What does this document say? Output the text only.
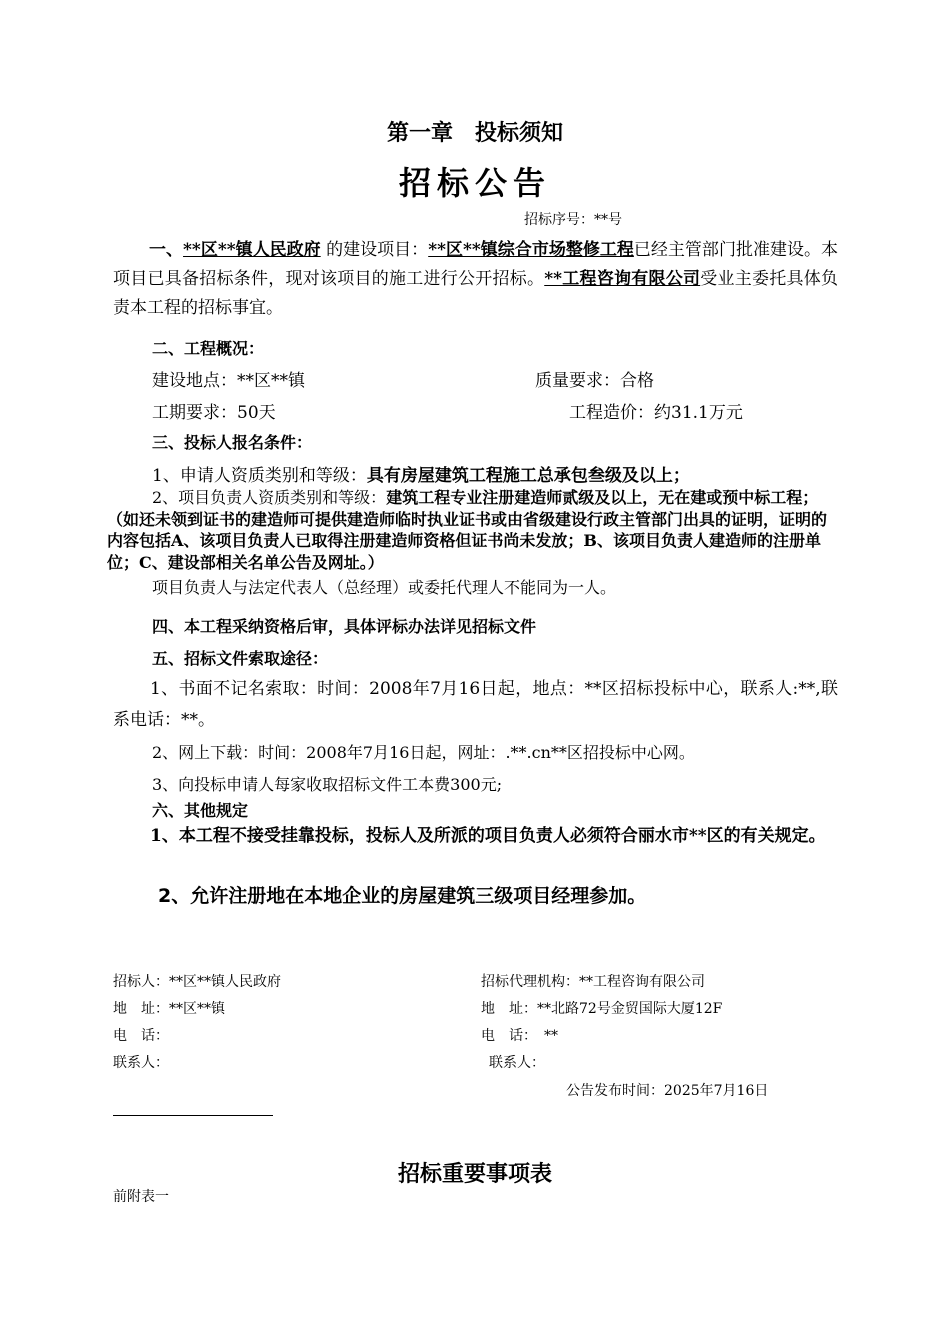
第一章　投标须知
招标公告
招标序号：**号
一、**区**镇人民政府 的建设项目：**区**镇综合市场整修工程已经主管部门批准建设。本项目已具备招标条件，现对该项目的施工进行公开招标。**工程咨询有限公司受业主委托具体负责本工程的招标事宜。
二、工程概况：
建设地点：**区**镇	质量要求：合格
工期要求：50天	工程造价：约31.1万元
三、投标人报名条件：
1、申请人资质类别和等级：具有房屋建筑工程施工总承包叁级及以上；
2、项目负责人资质类别和等级：建筑工程专业注册建造师贰级及以上，无在建或预中标工程；（如还未领到证书的建造师可提供建造师临时执业证书或由省级建设行政主管部门出具的证明，证明的内容包括A、该项目负责人已取得注册建造师资格但证书尚未发放；B、该项目负责人建造师的注册单位；C、建设部相关名单公告及网址。）
项目负责人与法定代表人（总经理）或委托代理人不能同为一人。
四、本工程采纳资格后审，具体评标办法详见招标文件
五、招标文件索取途径：
1、书面不记名索取：时间：2008年7月16日起，地点：**区招标投标中心，联系人:**,联系电话：**。
2、网上下载：时间：2008年7月16日起，网址：.**.cn**区招投标中心网。
3、向投标申请人每家收取招标文件工本费300元;
六、其他规定
1、本工程不接受挂靠投标，投标人及所派的项目负责人必须符合丽水市**区的有关规定。
2、允许注册地在本地企业的房屋建筑三级项目经理参加。
招标人：**区**镇人民政府
地　址：**区**镇
电　话：
联系人：
招标代理机构：**工程咨询有限公司
地　址：**北路72号金贸国际大厦12F
电　话：　**
联系人：
公告发布时间：2025年7月16日
招标重要事项表
前附表一
